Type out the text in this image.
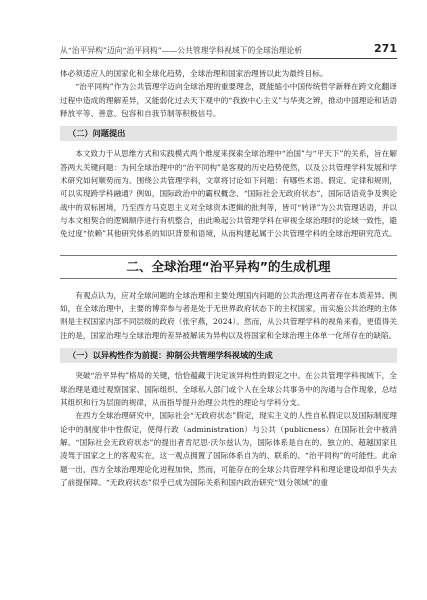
从“治平异构”迈向“治平同构”——公共管理学科视域下的全球治理论析	271

体必须适应人的国家化和全球化趋势，全球治理和国家治理皆以此为最终目标。

“治平同构”作为公共管理学迈向全球治理的重要理念，既能缩小中国传统哲学新释在跨文化翻译过程中造成的理解差异，又能弱化过去天下观中的“我族中心主义”与华夷之辨，推动中国理论和话语释放平等、善意、包容和自我节制等积极信号。

（二）问题提出

本文致力于从思维方式和实践模式两个维度来探索全球治理中“治国”与“平天下”的关系，旨在解答两大关键问题：为何全球治理中的“治平同构”是客观的历史趋势使然，以及公共管理学科发展和学术研究如何顺势而为。围绕公共管理学科，文章将讨论如下问题：有哪些术语、假定、定律和规则，可以实现跨学科融通？例如，国际政治中的霸权概念、“国际社会无政府状态”，国际话语竞争及舆论战中的双标困境，乃至西方马克思主义对全球资本逻辑的批判等，皆可“转译”为公共管理话语，并以与本文相契合的逻辑顺序进行有机整合，由此唤起公共管理学科在审视全球治理时的论域一致性，避免过度“依赖”其他研究体系的知识背景和语境，从而构建起属于公共管理学科的全球治理研究范式。

二、全球治理“治平异构”的生成机理

有观点认为，应对全球问题的全球治理和主要处理国内问题的公共治理这两者存在本质差异。例如，在全球治理中，主要的博弈参与者是处于无世界政府状态下的主权国家，而实施公共治理的主体则是主权国家内部不同层级的政府（张宇燕，2024）。然而，从公共管理学科的视角来看，更值得关注的是，国家治理与全球治理的差异被解读为异构以及将国家和全球治理主体单一化所存在的缺陷。

（一）以异构性作为前提：抑制公共管理学科视域的生成

突破“治平异构”格局的关键，恰恰蕴藏于决定该异构性的假定之中。在公共管理学科视域下，全球治理是通过观察国家、国际组织、全球私人部门或个人在全球公共事务中的沟通与合作现象，总结其组织和行为层面的规律，从而指导提升治理公共性的理论与学科分支。

在西方全球治理研究中，国际社会“无政府状态”假定，现实主义的人性自私假定以及国际制度理论中的制度非中性假定，使得行政（administration）与公共（publicness）在国际社会中被消解。“国际社会无政府状态”的提出者肯尼思·沃尔兹认为，国际体系是自在的、独立的、超越国家且凌驾于国家之上的客观实在，这一观点拥置了国际体系自为的、联系的、“治平同构”的可能性。此命题一出，西方全球治理理论化进程加快，然而，可能存在的全球公共管理学科和理论建设却似乎失去了前提保障。“无政府状态”似乎已成为国际关系和国内政治研究“划分领域”的重
